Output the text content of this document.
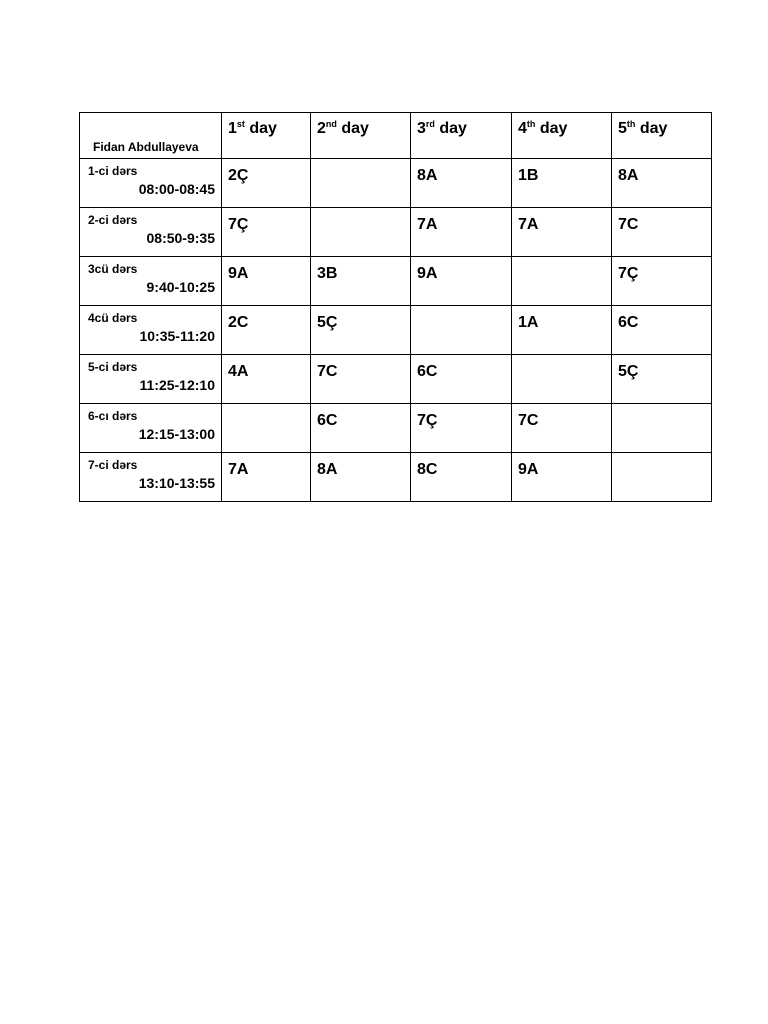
Fidan Abdullayeva	1st day	2nd day	3rd day	4th day	5th day

1-ci dərs
08:00-08:45	2Ç		8A	1B	8A

2-ci dərs
08:50-9:35	7Ç		7A	7A	7C

3cü dərs
9:40-10:25	9A	3B	9A		7Ç

4cü dərs
10:35-11:20	2C	5Ç		1A	6C

5-ci dərs
11:25-12:10	4A	7C	6C		5Ç

6-cı dərs
12:15-13:00		6C	7Ç	7C	

7-ci dərs
13:10-13:55	7A	8A	8C	9A	
